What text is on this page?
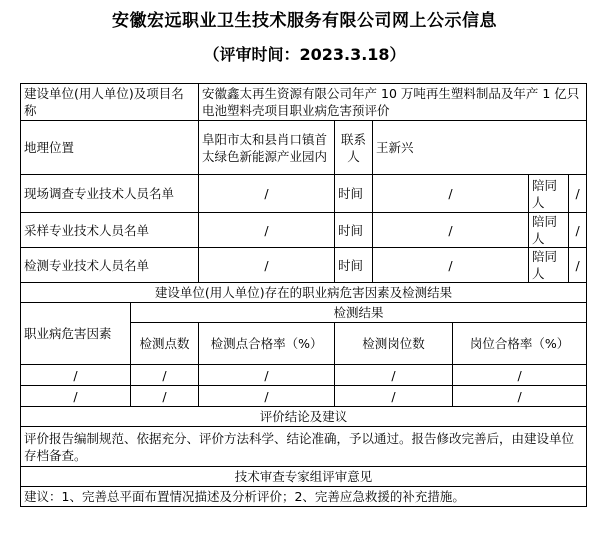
安徽宏远职业卫生技术服务有限公司网上公示信息
（评审时间：2023.3.18）
建设单位(用人单位)及项目名称		安徽鑫太再生资源有限公司年产 10 万吨再生塑料制品及年产 1 亿只电池塑料壳项目职业病危害预评价					
地理位置		阜阳市太和县肖口镇首太绿色新能源产业园内	联系人	王新兴			
现场调查专业技术人员名单		/	时间	/		陪同人	/
采样专业技术人员名单		/	时间	/		陪同人	/
检测专业技术人员名单		/	时间	/		陪同人	/
建设单位(用人单位)存在的职业病危害因素及检测结果							
职业病危害因素	检测结果						
	检测点数	检测点合格率（%）	检测岗位数		岗位合格率（%）		
/	/	/	/		/		
/	/	/	/		/		
评价结论及建议							
评价报告编制规范、依据充分、评价方法科学、结论准确，予以通过。报告修改完善后，由建设单位存档备查。							
技术审查专家组评审意见							
建议：1、完善总平面布置情况描述及分析评价；2、完善应急救援的补充措施。							
